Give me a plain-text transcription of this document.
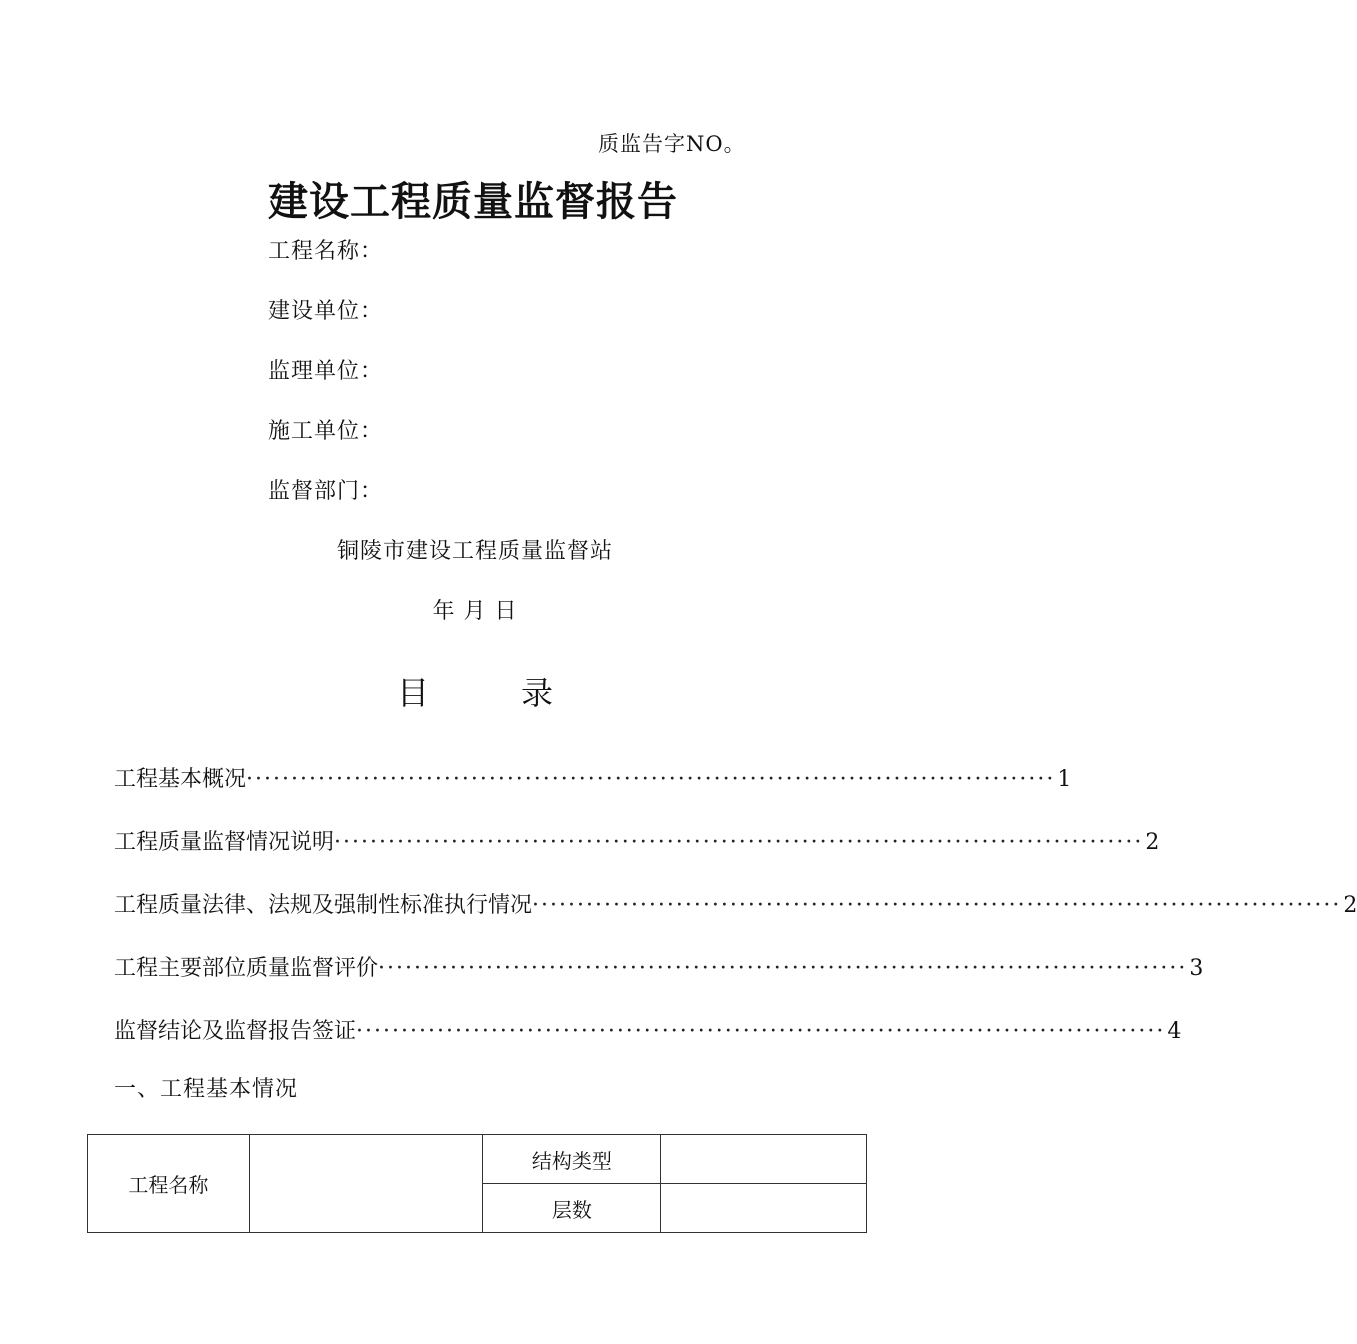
质监告字NO。
建设工程质量监督报告
工程名称：
建设单位：
监理单位：
施工单位：
监督部门：
铜陵市建设工程质量监督站
年 月 日
目	录
工程基本概况 ·························································································· 1
工程质量监督情况说明 ·························································································· 2
工程质量法律、法规及强制性标准执行情况 ·························································································· 2
工程主要部位质量监督评价 ·························································································· 3
监督结论及监督报告签证 ·························································································· 4
一、工程基本情况
工程名称		结构类型	
		层数	
